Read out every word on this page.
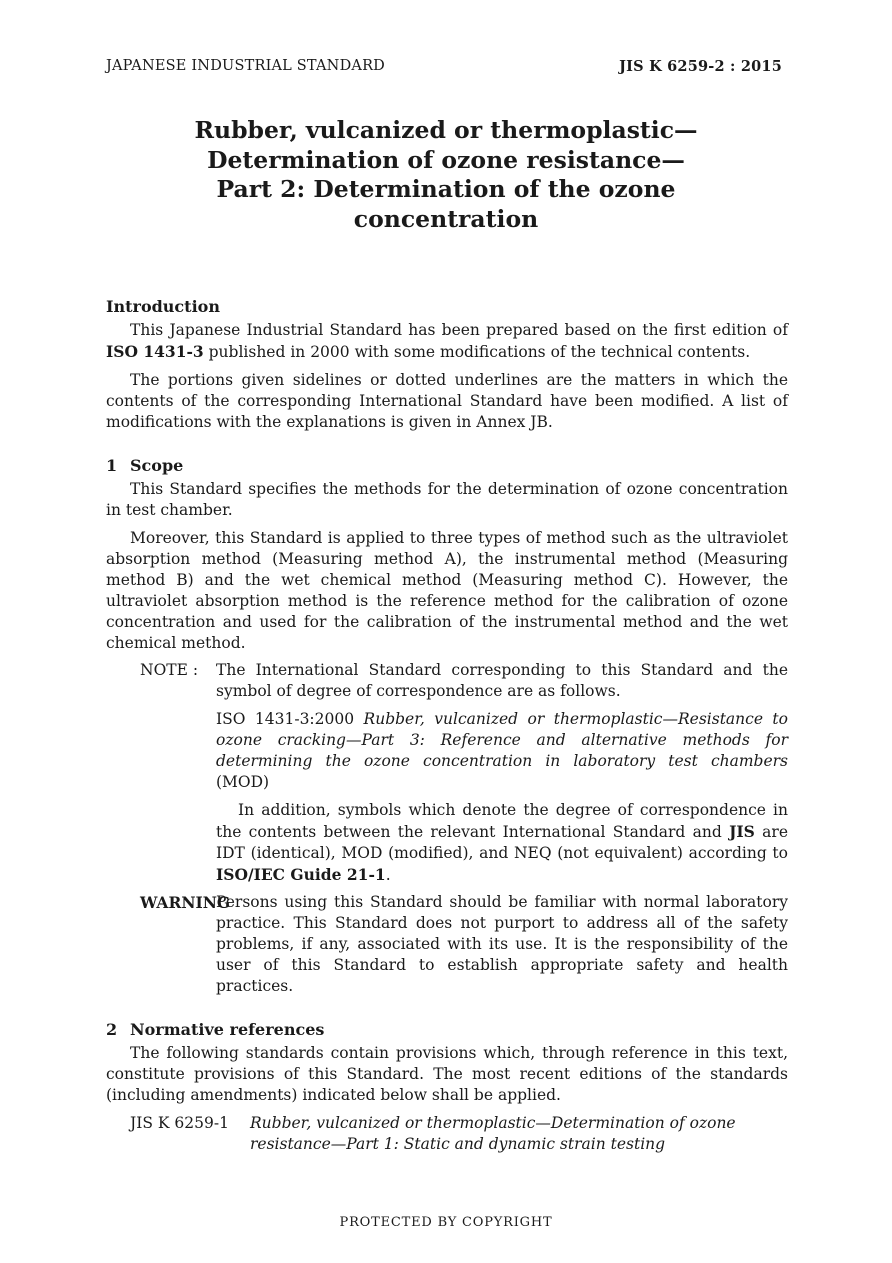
JAPANESE INDUSTRIAL STANDARD	JIS K 6259-2 : 2015
Rubber, vulcanized or thermoplastic—
Determination of ozone resistance—
Part 2: Determination of the ozone
concentration
Introduction

This Japanese Industrial Standard has been prepared based on the first edition of ISO 1431-3 published in 2000 with some modifications of the technical contents.

The portions given sidelines or dotted underlines are the matters in which the contents of the corresponding International Standard have been modified. A list of modifications with the explanations is given in Annex JB.

1 Scope

This Standard specifies the methods for the determination of ozone concentration in test chamber.

Moreover, this Standard is applied to three types of method such as the ultraviolet absorption method (Measuring method A), the instrumental method (Measuring method B) and the wet chemical method (Measuring method C). However, the ultraviolet absorption method is the reference method for the calibration of ozone concentration and used for the calibration of the instrumental method and the wet chemical method.

NOTE :	The International Standard corresponding to this Standard and the symbol of degree of correspondence are as follows.

ISO 1431-3:2000 Rubber, vulcanized or thermoplastic—Resistance to ozone cracking—Part 3: Reference and alternative methods for determining the ozone concentration in laboratory test chambers (MOD)

In addition, symbols which denote the degree of correspondence in the contents between the relevant International Standard and JIS are IDT (identical), MOD (modified), and NEQ (not equivalent) according to ISO/IEC Guide 21-1.

WARNING

Persons using this Standard should be familiar with normal laboratory practice. This Standard does not purport to address all of the safety problems, if any, associated with its use. It is the responsibility of the user of this Standard to establish appropriate safety and health practices.

2 Normative references

The following standards contain provisions which, through reference in this text, constitute provisions of this Standard. The most recent editions of the standards (including amendments) indicated below shall be applied.

JIS K 6259-1	Rubber, vulcanized or thermoplastic—Determination of ozone resistance—Part 1: Static and dynamic strain testing
PROTECTED BY COPYRIGHT
